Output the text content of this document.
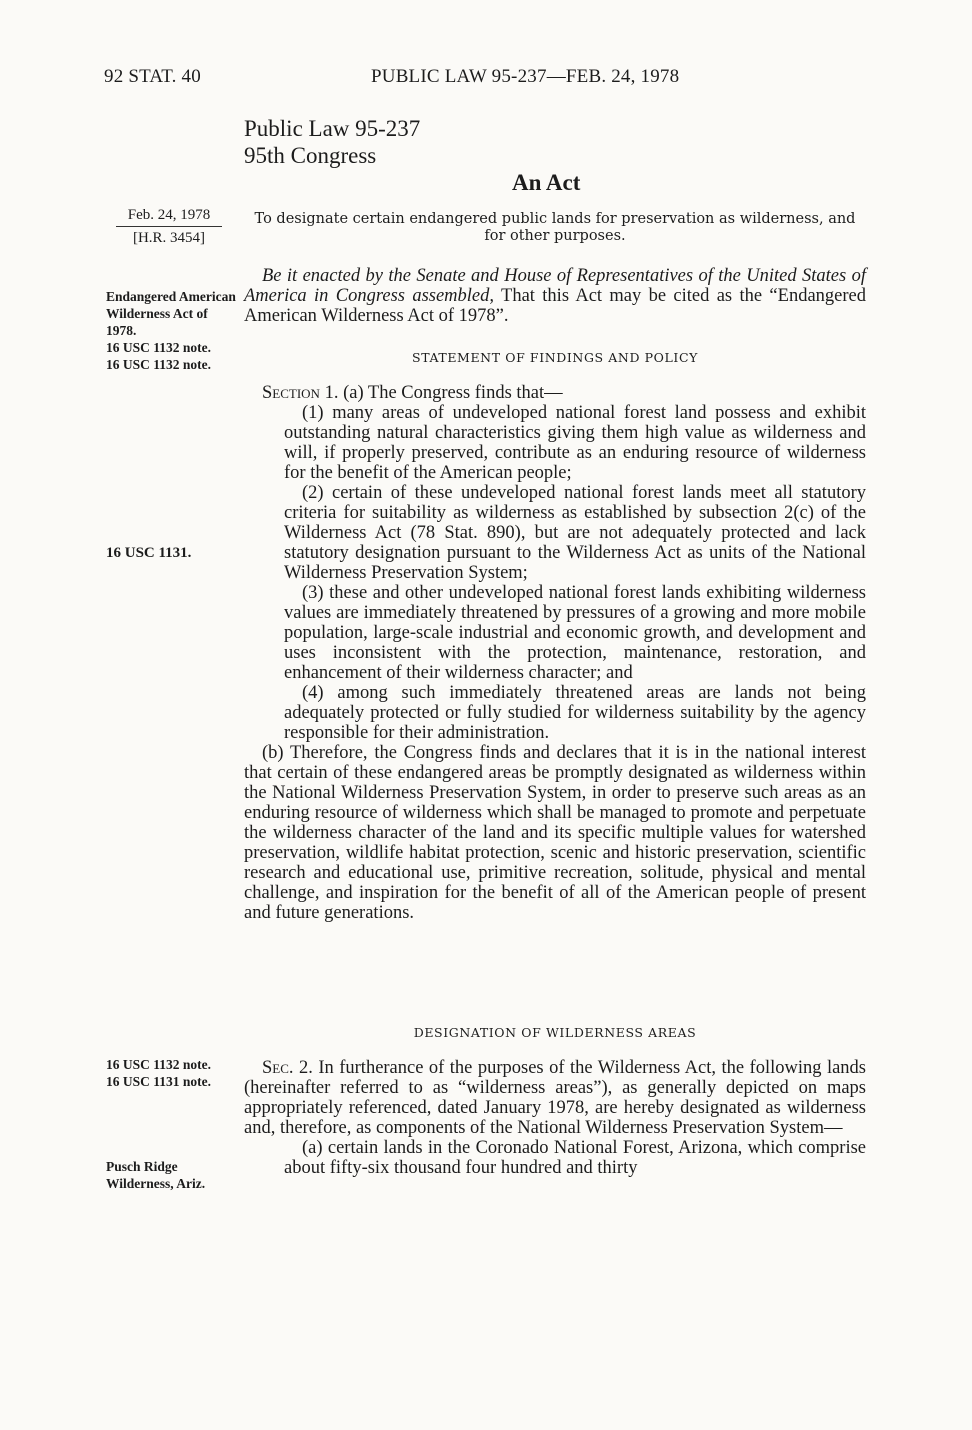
92 STAT. 40	PUBLIC LAW 95-237—FEB. 24, 1978
Public Law 95-237
95th Congress
An Act
Feb. 24, 1978
[H.R. 3454]
To designate certain endangered public lands for preservation as wilderness, and for other purposes.
Endangered American Wilderness Act of 1978.
16 USC 1132 note.
16 USC 1132 note.
16 USC 1131.
16 USC 1132 note.
16 USC 1131 note.
Pusch Ridge Wilderness, Ariz.

Be it enacted by the Senate and House of Representatives of the United States of America in Congress assembled, That this Act may be cited as the “Endangered American Wilderness Act of 1978”.

STATEMENT OF FINDINGS AND POLICY

Section 1. (a) The Congress finds that—

(1) many areas of undeveloped national forest land possess and exhibit outstanding natural characteristics giving them high value as wilderness and will, if properly preserved, contribute as an enduring resource of wilderness for the benefit of the American people;

(2) certain of these undeveloped national forest lands meet all statutory criteria for suitability as wilderness as established by subsection 2(c) of the Wilderness Act (78 Stat. 890), but are not adequately protected and lack statutory designation pursuant to the Wilderness Act as units of the National Wilderness Preservation System;

(3) these and other undeveloped national forest lands exhibiting wilderness values are immediately threatened by pressures of a growing and more mobile population, large-scale industrial and economic growth, and development and uses inconsistent with the protection, maintenance, restoration, and enhancement of their wilderness character; and

(4) among such immediately threatened areas are lands not being adequately protected or fully studied for wilderness suitability by the agency responsible for their administration.

(b) Therefore, the Congress finds and declares that it is in the national interest that certain of these endangered areas be promptly designated as wilderness within the National Wilderness Preservation System, in order to preserve such areas as an enduring resource of wilderness which shall be managed to promote and perpetuate the wilderness character of the land and its specific multiple values for watershed preservation, wildlife habitat protection, scenic and historic preservation, scientific research and educational use, primitive recreation, solitude, physical and mental challenge, and inspiration for the benefit of all of the American people of present and future generations.

DESIGNATION OF WILDERNESS AREAS

Sec. 2. In furtherance of the purposes of the Wilderness Act, the following lands (hereinafter referred to as “wilderness areas”), as generally depicted on maps appropriately referenced, dated January 1978, are hereby designated as wilderness and, therefore, as components of the National Wilderness Preservation System—

(a) certain lands in the Coronado National Forest, Arizona, which comprise about fifty-six thousand four hundred and thirty
